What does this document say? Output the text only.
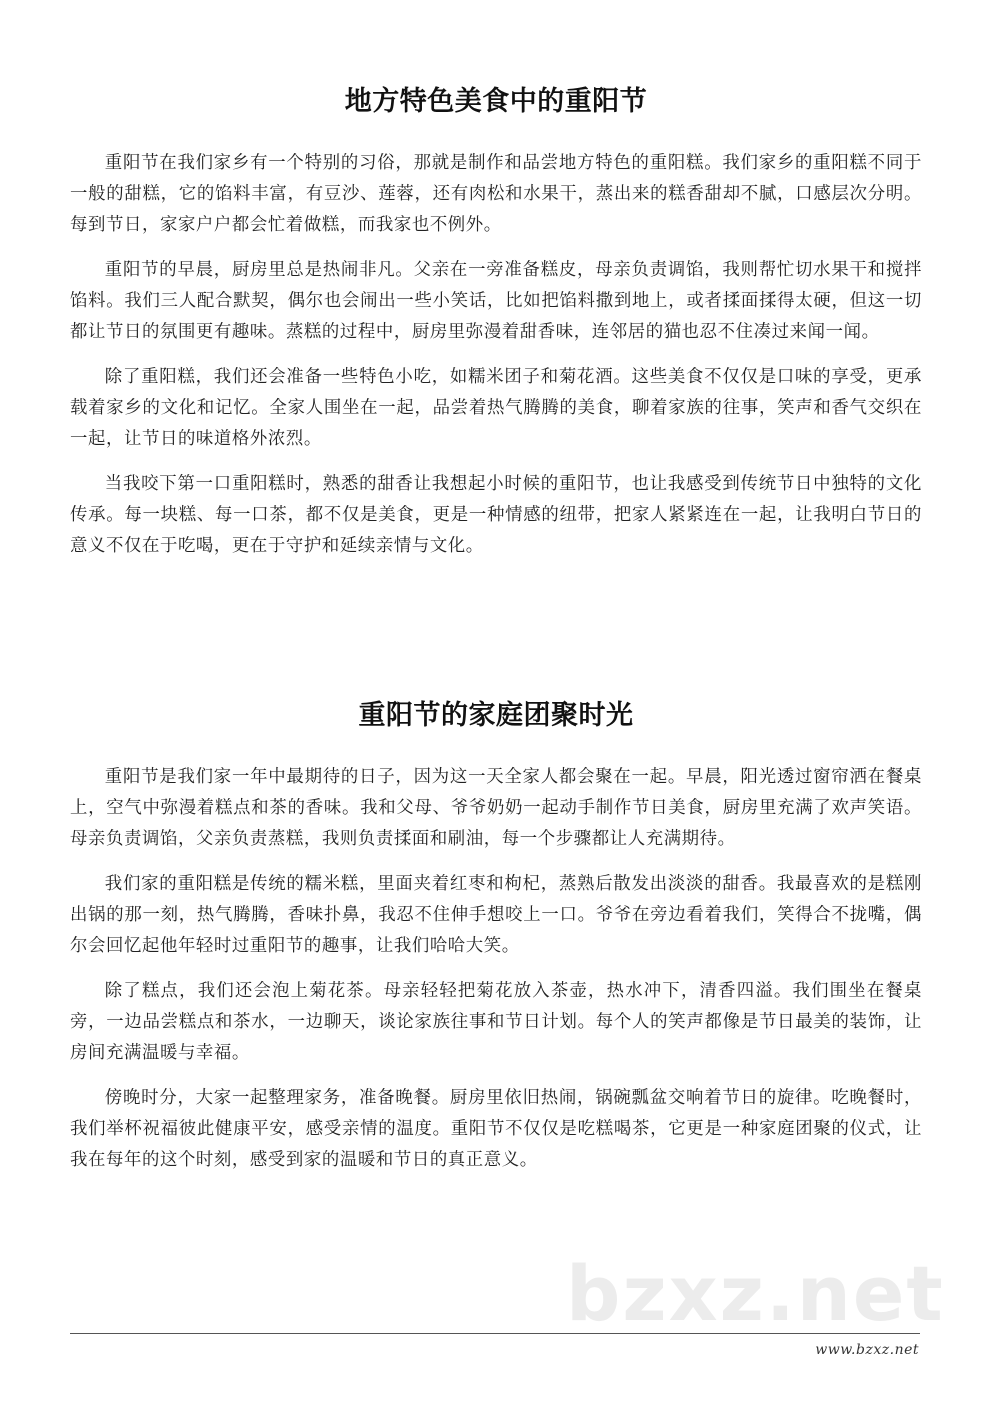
地方特色美食中的重阳节

重阳节在我们家乡有一个特别的习俗，那就是制作和品尝地方特色的重阳糕。我们家乡的重阳糕不同于一般的甜糕，它的馅料丰富，有豆沙、莲蓉，还有肉松和水果干，蒸出来的糕香甜却不腻，口感层次分明。每到节日，家家户户都会忙着做糕，而我家也不例外。

重阳节的早晨，厨房里总是热闹非凡。父亲在一旁准备糕皮，母亲负责调馅，我则帮忙切水果干和搅拌馅料。我们三人配合默契，偶尔也会闹出一些小笑话，比如把馅料撒到地上，或者揉面揉得太硬，但这一切都让节日的氛围更有趣味。蒸糕的过程中，厨房里弥漫着甜香味，连邻居的猫也忍不住凑过来闻一闻。

除了重阳糕，我们还会准备一些特色小吃，如糯米团子和菊花酒。这些美食不仅仅是口味的享受，更承载着家乡的文化和记忆。全家人围坐在一起，品尝着热气腾腾的美食，聊着家族的往事，笑声和香气交织在一起，让节日的味道格外浓烈。

当我咬下第一口重阳糕时，熟悉的甜香让我想起小时候的重阳节，也让我感受到传统节日中独特的文化传承。每一块糕、每一口茶，都不仅是美食，更是一种情感的纽带，把家人紧紧连在一起，让我明白节日的意义不仅在于吃喝，更在于守护和延续亲情与文化。

重阳节的家庭团聚时光

重阳节是我们家一年中最期待的日子，因为这一天全家人都会聚在一起。早晨，阳光透过窗帘洒在餐桌上，空气中弥漫着糕点和茶的香味。我和父母、爷爷奶奶一起动手制作节日美食，厨房里充满了欢声笑语。母亲负责调馅，父亲负责蒸糕，我则负责揉面和刷油，每一个步骤都让人充满期待。

我们家的重阳糕是传统的糯米糕，里面夹着红枣和枸杞，蒸熟后散发出淡淡的甜香。我最喜欢的是糕刚出锅的那一刻，热气腾腾，香味扑鼻，我忍不住伸手想咬上一口。爷爷在旁边看着我们，笑得合不拢嘴，偶尔会回忆起他年轻时过重阳节的趣事，让我们哈哈大笑。

除了糕点，我们还会泡上菊花茶。母亲轻轻把菊花放入茶壶，热水冲下，清香四溢。我们围坐在餐桌旁，一边品尝糕点和茶水，一边聊天，谈论家族往事和节日计划。每个人的笑声都像是节日最美的装饰，让房间充满温暖与幸福。

傍晚时分，大家一起整理家务，准备晚餐。厨房里依旧热闹，锅碗瓢盆交响着节日的旋律。吃晚餐时，我们举杯祝福彼此健康平安，感受亲情的温度。重阳节不仅仅是吃糕喝茶，它更是一种家庭团聚的仪式，让我在每年的这个时刻，感受到家的温暖和节日的真正意义。

bzxz.net
www.bzxz.net
